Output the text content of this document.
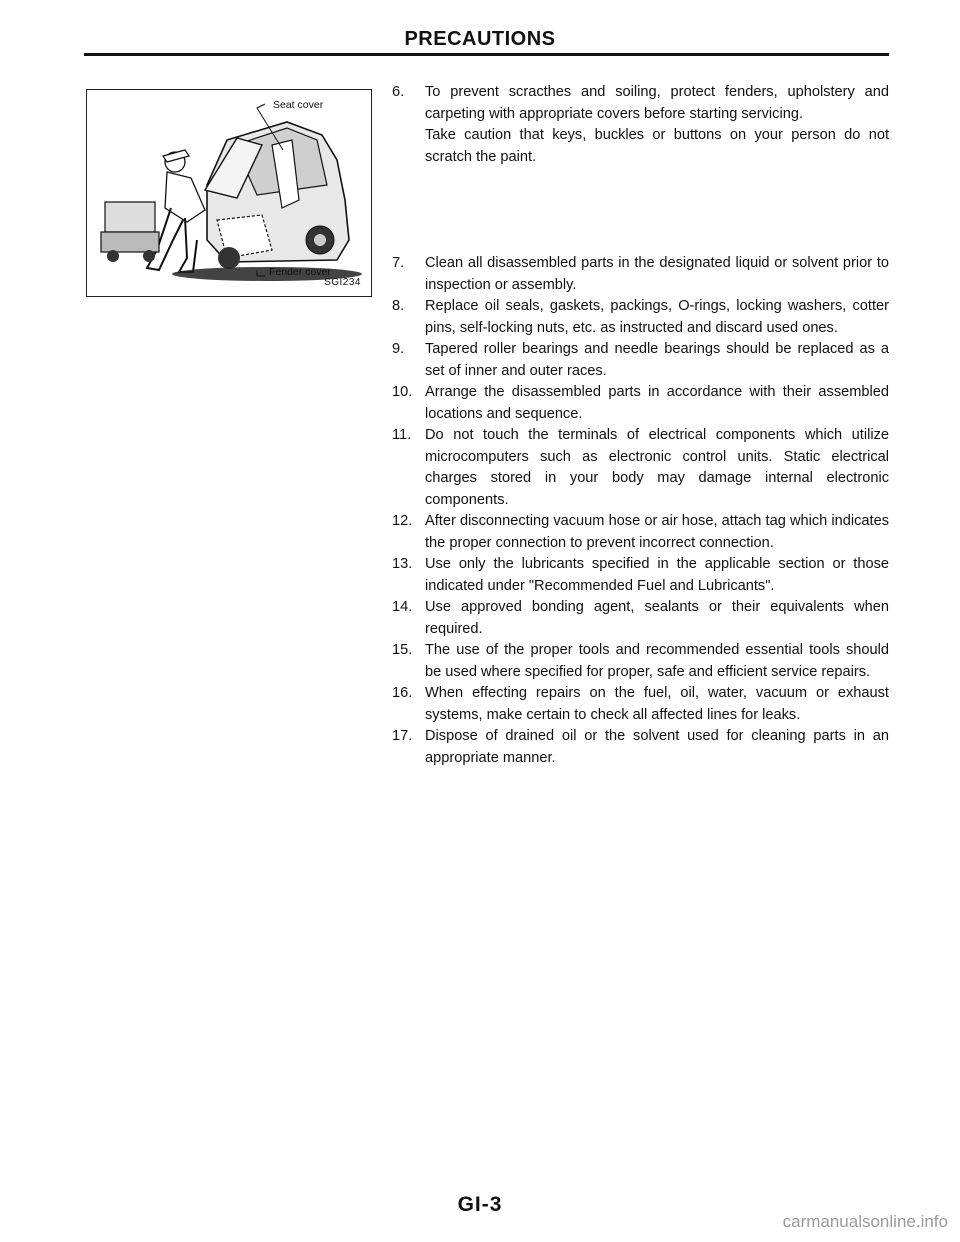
PRECAUTIONS
Seat cover
Fender cover
SGI234
6. To prevent scracthes and soiling, protect fenders, upholstery and carpeting with appropriate covers before starting servicing.
Take caution that keys, buckles or buttons on your person do not scratch the paint.
7. Clean all disassembled parts in the designated liquid or solvent prior to inspection or assembly.
8. Replace oil seals, gaskets, packings, O-rings, locking washers, cotter pins, self-locking nuts, etc. as instructed and discard used ones.
9. Tapered roller bearings and needle bearings should be replaced as a set of inner and outer races.
10. Arrange the disassembled parts in accordance with their assembled locations and sequence.
11. Do not touch the terminals of electrical components which utilize microcomputers such as electronic control units. Static electrical charges stored in your body may damage internal electronic components.
12. After disconnecting vacuum hose or air hose, attach tag which indicates the proper connection to prevent incorrect connection.
13. Use only the lubricants specified in the applicable section or those indicated under "Recommended Fuel and Lubricants".
14. Use approved bonding agent, sealants or their equivalents when required.
15. The use of the proper tools and recommended essential tools should be used where specified for proper, safe and efficient service repairs.
16. When effecting repairs on the fuel, oil, water, vacuum or exhaust systems, make certain to check all affected lines for leaks.
17. Dispose of drained oil or the solvent used for cleaning parts in an appropriate manner.
GI-3
carmanualsonline.info
